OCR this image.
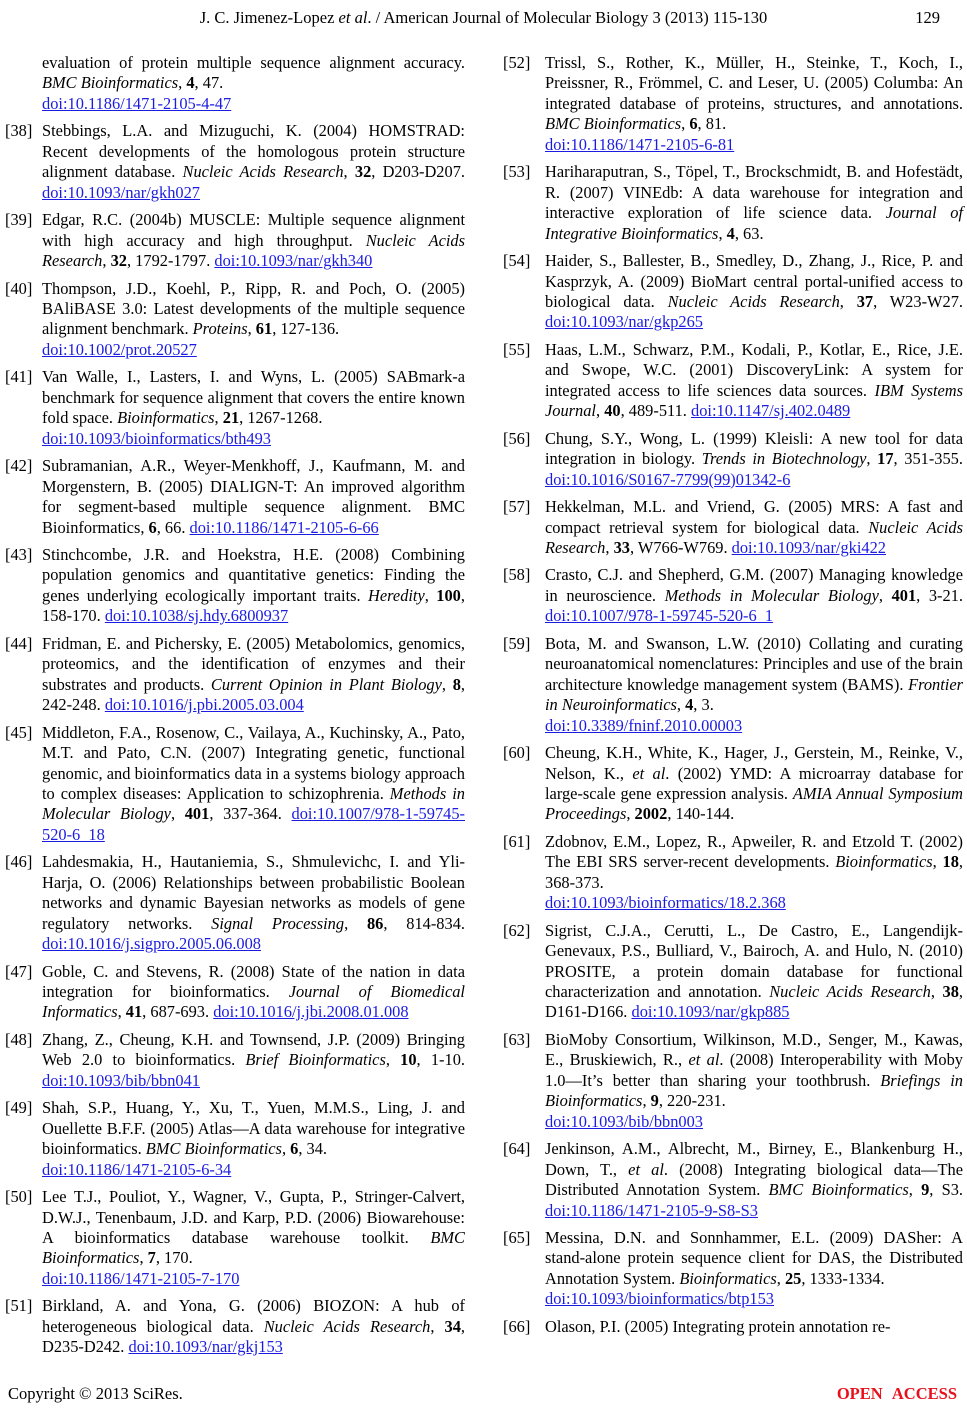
J. C. Jimenez-Lopez et al. / American Journal of Molecular Biology 3 (2013) 115-130	129
evaluation of protein multiple sequence alignment accuracy. BMC Bioinformatics, 4, 47.
doi:10.1186/1471-2105-4-47
[38] Stebbings, L.A. and Mizuguchi, K. (2004) HOMSTRAD: Recent developments of the homologous protein structure alignment database. Nucleic Acids Research, 32, D203-D207. doi:10.1093/nar/gkh027
[39] Edgar, R.C. (2004b) MUSCLE: Multiple sequence alignment with high accuracy and high throughput. Nucleic Acids Research, 32, 1792-1797. doi:10.1093/nar/gkh340
[40] Thompson, J.D., Koehl, P., Ripp, R. and Poch, O. (2005) BAliBASE 3.0: Latest developments of the multiple sequence alignment benchmark. Proteins, 61, 127-136.
doi:10.1002/prot.20527
[41] Van Walle, I., Lasters, I. and Wyns, L. (2005) SABmark-a benchmark for sequence alignment that covers the entire known fold space. Bioinformatics, 21, 1267-1268.
doi:10.1093/bioinformatics/bth493
[42] Subramanian, A.R., Weyer-Menkhoff, J., Kaufmann, M. and Morgenstern, B. (2005) DIALIGN-T: An improved algorithm for segment-based multiple sequence alignment. BMC Bioinformatics, 6, 66. doi:10.1186/1471-2105-6-66
[43] Stinchcombe, J.R. and Hoekstra, H.E. (2008) Combining population genomics and quantitative genetics: Finding the genes underlying ecologically important traits. Heredity, 100, 158-170. doi:10.1038/sj.hdy.6800937
[44] Fridman, E. and Pichersky, E. (2005) Metabolomics, genomics, proteomics, and the identification of enzymes and their substrates and products. Current Opinion in Plant Biology, 8, 242-248. doi:10.1016/j.pbi.2005.03.004
[45] Middleton, F.A., Rosenow, C., Vailaya, A., Kuchinsky, A., Pato, M.T. and Pato, C.N. (2007) Integrating genetic, functional genomic, and bioinformatics data in a systems biology approach to complex diseases: Application to schizophrenia. Methods in Molecular Biology, 401, 337-364. doi:10.1007/978-1-59745-520-6_18
[46] Lahdesmakia, H., Hautaniemia, S., Shmulevichc, I. and Yli-Harja, O. (2006) Relationships between probabilistic Boolean networks and dynamic Bayesian networks as models of gene regulatory networks. Signal Processing, 86, 814-834. doi:10.1016/j.sigpro.2005.06.008
[47] Goble, C. and Stevens, R. (2008) State of the nation in data integration for bioinformatics. Journal of Biomedical Informatics, 41, 687-693. doi:10.1016/j.jbi.2008.01.008
[48] Zhang, Z., Cheung, K.H. and Townsend, J.P. (2009) Bringing Web 2.0 to bioinformatics. Brief Bioinformatics, 10, 1-10. doi:10.1093/bib/bbn041
[49] Shah, S.P., Huang, Y., Xu, T., Yuen, M.M.S., Ling, J. and Ouellette B.F.F. (2005) Atlas—A data warehouse for integrative bioinformatics. BMC Bioinformatics, 6, 34.
doi:10.1186/1471-2105-6-34
[50] Lee T.J., Pouliot, Y., Wagner, V., Gupta, P., Stringer-Calvert, D.W.J., Tenenbaum, J.D. and Karp, P.D. (2006) Biowarehouse: A bioinformatics database warehouse toolkit. BMC Bioinformatics, 7, 170.
doi:10.1186/1471-2105-7-170
[51] Birkland, A. and Yona, G. (2006) BIOZON: A hub of heterogeneous biological data. Nucleic Acids Research, 34, D235-D242. doi:10.1093/nar/gkj153
[52] Trissl, S., Rother, K., Müller, H., Steinke, T., Koch, I., Preissner, R., Frömmel, C. and Leser, U. (2005) Columba: An integrated database of proteins, structures, and annotations. BMC Bioinformatics, 6, 81.
doi:10.1186/1471-2105-6-81
[53] Hariharaputran, S., Töpel, T., Brockschmidt, B. and Hofestädt, R. (2007) VINEdb: A data warehouse for integration and interactive exploration of life science data. Journal of Integrative Bioinformatics, 4, 63.
[54] Haider, S., Ballester, B., Smedley, D., Zhang, J., Rice, P. and Kasprzyk, A. (2009) BioMart central portal-unified access to biological data. Nucleic Acids Research, 37, W23-W27. doi:10.1093/nar/gkp265
[55] Haas, L.M., Schwarz, P.M., Kodali, P., Kotlar, E., Rice, J.E. and Swope, W.C. (2001) DiscoveryLink: A system for integrated access to life sciences data sources. IBM Systems Journal, 40, 489-511. doi:10.1147/sj.402.0489
[56] Chung, S.Y., Wong, L. (1999) Kleisli: A new tool for data integration in biology. Trends in Biotechnology, 17, 351-355. doi:10.1016/S0167-7799(99)01342-6
[57] Hekkelman, M.L. and Vriend, G. (2005) MRS: A fast and compact retrieval system for biological data. Nucleic Acids Research, 33, W766-W769. doi:10.1093/nar/gki422
[58] Crasto, C.J. and Shepherd, G.M. (2007) Managing knowledge in neuroscience. Methods in Molecular Biology, 401, 3-21. doi:10.1007/978-1-59745-520-6_1
[59] Bota, M. and Swanson, L.W. (2010) Collating and curating neuroanatomical nomenclatures: Principles and use of the brain architecture knowledge management system (BAMS). Frontier in Neuroinformatics, 4, 3.
doi:10.3389/fninf.2010.00003
[60] Cheung, K.H., White, K., Hager, J., Gerstein, M., Reinke, V., Nelson, K., et al. (2002) YMD: A microarray database for large-scale gene expression analysis. AMIA Annual Symposium Proceedings, 2002, 140-144.
[61] Zdobnov, E.M., Lopez, R., Apweiler, R. and Etzold T. (2002) The EBI SRS server-recent developments. Bioinformatics, 18, 368-373.
doi:10.1093/bioinformatics/18.2.368
[62] Sigrist, C.J.A., Cerutti, L., De Castro, E., Langendijk-Genevaux, P.S., Bulliard, V., Bairoch, A. and Hulo, N. (2010) PROSITE, a protein domain database for functional characterization and annotation. Nucleic Acids Research, 38, D161-D166. doi:10.1093/nar/gkp885
[63] BioMoby Consortium, Wilkinson, M.D., Senger, M., Kawas, E., Bruskiewich, R., et al. (2008) Interoperability with Moby 1.0—It’s better than sharing your toothbrush. Briefings in Bioinformatics, 9, 220-231.
doi:10.1093/bib/bbn003
[64] Jenkinson, A.M., Albrecht, M., Birney, E., Blankenburg H., Down, T., et al. (2008) Integrating biological data—The Distributed Annotation System. BMC Bioinformatics, 9, S3. doi:10.1186/1471-2105-9-S8-S3
[65] Messina, D.N. and Sonnhammer, E.L. (2009) DASher: A stand-alone protein sequence client for DAS, the Distributed Annotation System. Bioinformatics, 25, 1333-1334.
doi:10.1093/bioinformatics/btp153
[66] Olason, P.I. (2005) Integrating protein annotation re-
Copyright © 2013 SciRes.	OPEN ACCESS
